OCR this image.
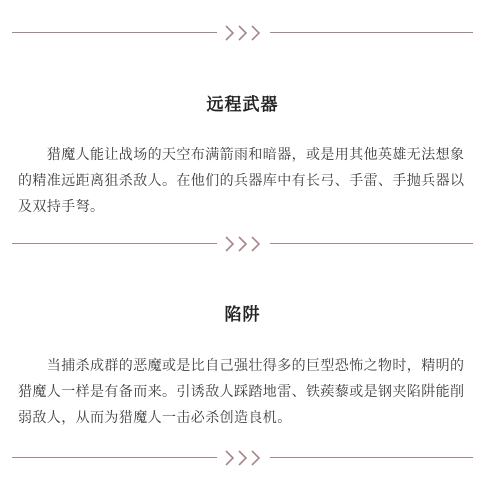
远程武器

　　猎魔人能让战场的天空布满箭雨和暗器，或是用其他英雄无法想象的精准远距离狙杀敌人。在他们的兵器库中有长弓、手雷、手抛兵器以及双持手弩。

陷阱

　　当捕杀成群的恶魔或是比自己强壮得多的巨型恐怖之物时，精明的猎魔人一样是有备而来。引诱敌人踩踏地雷、铁蒺藜或是钢夹陷阱能削弱敌人，从而为猎魔人一击必杀创造良机。
